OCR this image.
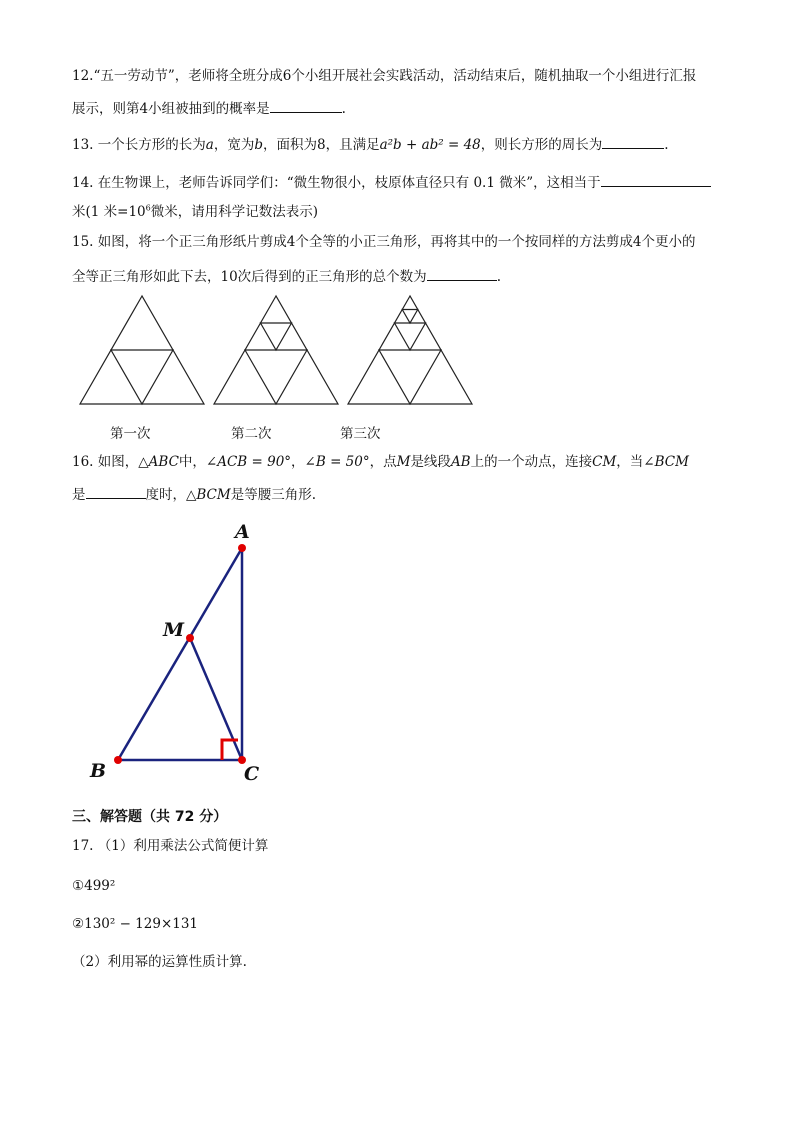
12.“五一劳动节”，老师将全班分成6个小组开展社会实践活动，活动结束后，随机抽取一个小组进行汇报
展示，则第4小组被抽到的概率是	.
13. 一个长方形的长为a，宽为b，面积为8，且满足a²b + ab² = 48，则长方形的周长为	.
14. 在生物课上，老师告诉同学们：“微生物很小，枝原体直径只有 0.1 微米”，这相当于
米(1 米$=10^6$微米，请用科学记数法表示)
15. 如图，将一个正三角形纸片剪成4个全等的小正三角形，再将其中的一个按同样的方法剪成4个更小的
全等正三角形如此下去，10次后得到的正三角形的总个数为	.
第一次	第二次	第三次
16. 如图，△ABC中，∠ACB = 90°，∠B = 50°，点M是线段AB上的一个动点，连接CM，当∠BCM
是	度时，△BCM是等腰三角形.
A
M
B	C
三、解答题（共 72 分）
17. （1）利用乘法公式简便计算
①499²
②130² − 129×131
（2）利用幂的运算性质计算.
